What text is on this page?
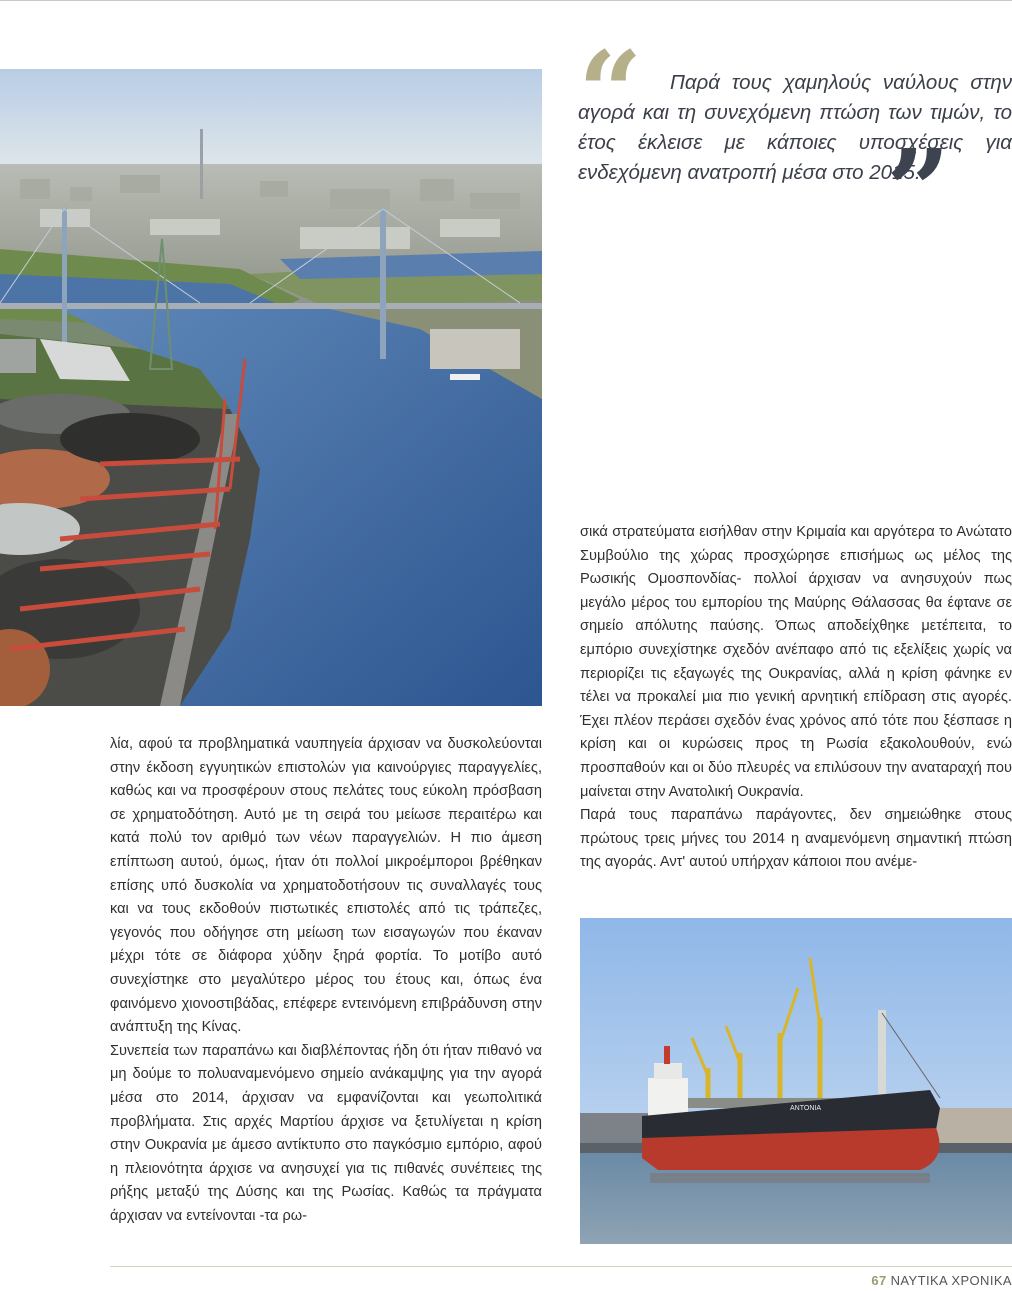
“	Παρά τους χαμηλούς ναύλους στην αγορά και τη συνεχόμενη πτώση των τιμών, το έτος έκλεισε με κάποιες υποσχέσεις για ενδεχόμενη ανατροπή μέσα στο 2015.

”

λία, αφού τα προβληματικά ναυπηγεία άρχισαν να δυσκολεύονται στην έκδοση εγγυητικών επιστολών για καινούργιες παραγγελίες, καθώς και να προσφέρουν στους πελάτες τους εύκολη πρόσβαση σε χρηματοδότηση. Αυτό με τη σειρά του μείωσε περαιτέρω και κατά πολύ τον αριθμό των νέων παραγγελιών. Η πιο άμεση επίπτωση αυτού, όμως, ήταν ότι πολλοί μικροέμποροι βρέθηκαν επίσης υπό δυσκολία να χρηματοδοτήσουν τις συναλλαγές τους και να τους εκδοθούν πιστωτικές επιστολές από τις τράπεζες, γεγονός που οδήγησε στη μείωση των εισαγωγών που έκαναν μέχρι τότε σε διάφορα χύδην ξηρά φορτία. Το μοτίβο αυτό συνεχίστηκε στο μεγαλύτερο μέρος του έτους και, όπως ένα φαινόμενο χιονοστιβάδας, επέφερε εντεινόμενη επιβράδυνση στην ανάπτυξη της Κίνας.

Συνεπεία των παραπάνω και διαβλέποντας ήδη ότι ήταν πιθανό να μη δούμε το πολυαναμενόμενο σημείο ανάκαμψης για την αγορά μέσα στο 2014, άρχισαν να εμφανίζονται και γεωπολιτικά προβλήματα. Στις αρχές Μαρτίου άρχισε να ξετυλίγεται η κρίση στην Ουκρανία με άμεσο αντίκτυπο στο παγκόσμιο εμπόριο, αφού η πλειονότητα άρχισε να ανησυχεί για τις πιθανές συνέπειες της ρήξης μεταξύ της Δύσης και της Ρωσίας. Καθώς τα πράγματα άρχισαν να εντείνονται -τα ρω-

σικά στρατεύματα εισήλθαν στην Κριμαία και αργότερα το Ανώτατο Συμβούλιο της χώρας προσχώρησε επισήμως ως μέλος της Ρωσικής Ομοσπονδίας- πολλοί άρχισαν να ανησυχούν πως μεγάλο μέρος του εμπορίου της Μαύρης Θάλασσας θα έφτανε σε σημείο απόλυτης παύσης. Όπως αποδείχθηκε μετέπειτα, το εμπόριο συνεχίστηκε σχεδόν ανέπαφο από τις εξελίξεις χωρίς να περιορίζει τις εξαγωγές της Ουκρανίας, αλλά η κρίση φάνηκε εν τέλει να προκαλεί μια πιο γενική αρνητική επίδραση στις αγορές. Έχει πλέον περάσει σχεδόν ένας χρόνος από τότε που ξέσπασε η κρίση και οι κυρώσεις προς τη Ρωσία εξακολουθούν, ενώ προσπαθούν και οι δύο πλευρές να επιλύσουν την αναταραχή που μαίνεται στην Ανατολική Ουκρανία.

Παρά τους παραπάνω παράγοντες, δεν σημειώθηκε στους πρώτους τρεις μήνες του 2014 η αναμενόμενη σημαντική πτώση της αγοράς. Αντ' αυτού υπήρχαν κάποιοι που ανέμε-

ANTONIA
67 ΝΑΥΤΙΚΑ ΧΡΟΝΙΚΑ
